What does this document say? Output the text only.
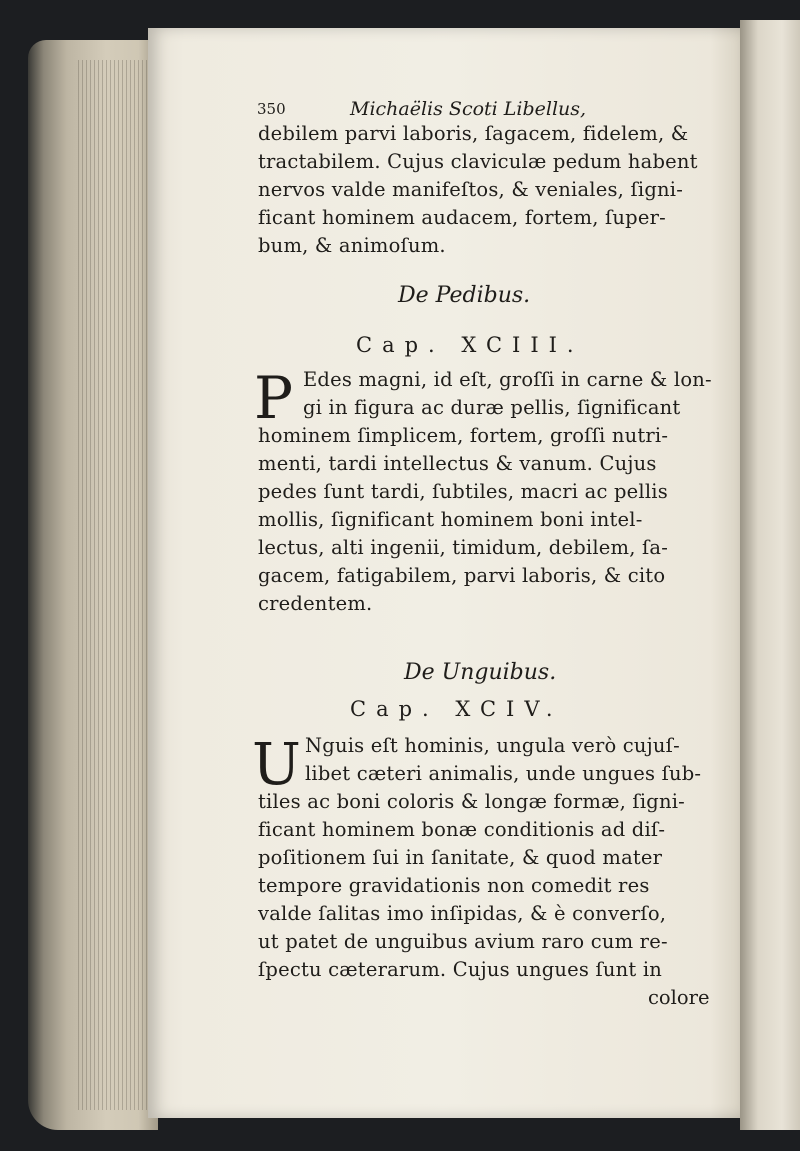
350	Michaëlis Scoti Libellus,
debilem parvi laboris, ſagacem, fidelem, &
tractabilem. Cujus claviculæ pedum habent
nervos valde manifeſtos, & veniales, ſigni-
ficant hominem audacem, fortem, ſuper-
bum, & animoſum.
De Pedibus.
Cap. XCIII.
P Edes magni, id eſt, groſſi in carne & lon-
gi in figura ac duræ pellis, ſignificant
hominem ſimplicem, fortem, groſſi nutri-
menti, tardi intellectus & vanum. Cujus
pedes ſunt tardi, ſubtiles, macri ac pellis
mollis, ſignificant hominem boni intel-
lectus, alti ingenii, timidum, debilem, ſa-
gacem, fatigabilem, parvi laboris, & cito
credentem.
De Unguibus.
Cap. XCIV.
U Nguis eſt hominis, ungula verò cujuſ-
libet cæteri animalis, unde ungues ſub-
tiles ac boni coloris & longæ formæ, ſigni-
ficant hominem bonæ conditionis ad diſ-
poſitionem ſui in ſanitate, & quod mater
tempore gravidationis non comedit res
valde ſalitas imo inſipidas, & è converſo,
ut patet de unguibus avium raro cum re-
ſpectu cæterarum. Cujus ungues ſunt in
colore
